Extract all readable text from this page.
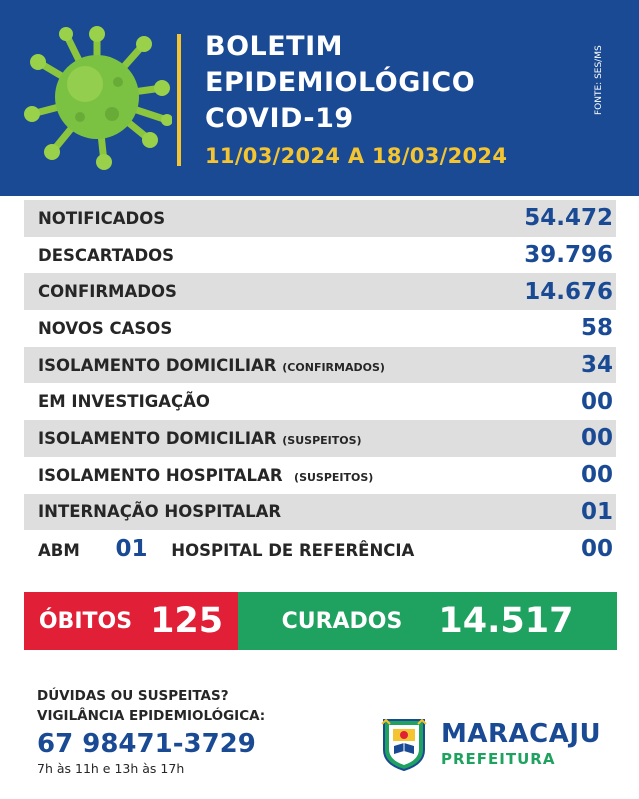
BOLETIM
EPIDEMIOLÓGICO
COVID-19
11/03/2024 A 18/03/2024
FONTE: SES/MS
NOTIFICADOS	54.472
DESCARTADOS	39.796
CONFIRMADOS	14.676
NOVOS CASOS	58
ISOLAMENTO DOMICILIAR (CONFIRMADOS)	34
EM INVESTIGAÇÃO	00
ISOLAMENTO DOMICILIAR (SUSPEITOS)	00
ISOLAMENTO HOSPITALAR (SUSPEITOS)	00
INTERNAÇÃO HOSPITALAR	01
ABM 01 HOSPITAL DE REFERÊNCIA	00
ÓBITOS 125	CURADOS 14.517
DÚVIDAS OU SUSPEITAS?
VIGILÂNCIA EPIDEMIOLÓGICA:
67 98471-3729
7h às 11h e 13h às 17h
MARACAJU
PREFEITURA
